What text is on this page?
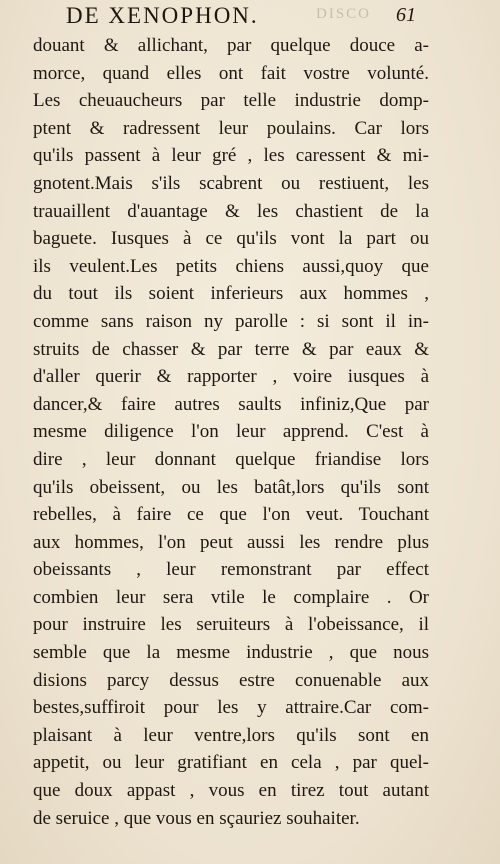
DE XENOPHON.	DISCO 61
douant & allichant, par quelque douce a-
morce, quand elles ont fait vostre volunté.
Les cheuaucheurs par telle industrie domp-
ptent & radressent leur poulains. Car lors
qu'ils passent à leur gré , les caressent & mi-
gnotent.Mais s'ils scabrent ou restiuent, les
trauaillent d'auantage & les chastient de la
baguete. Iusques à ce qu'ils vont la part ou
ils veulent.Les petits chiens aussi,quoy que
du tout ils soient inferieurs aux hommes ,
comme sans raison ny parolle : si sont il in-
struits de chasser & par terre & par eaux &
d'aller querir & rapporter , voire iusques à
dancer,& faire autres saults infiniz,Que par
mesme diligence l'on leur apprend. C'est à
dire , leur donnant quelque friandise lors
qu'ils obeissent, ou les batât,lors qu'ils sont
rebelles, à faire ce que l'on veut. Touchant
aux hommes, l'on peut aussi les rendre plus
obeissants , leur remonstrant par effect
combien leur sera vtile le complaire . Or
pour instruire les seruiteurs à l'obeissance, il
semble que la mesme industrie , que nous
disions parcy dessus estre conuenable aux
bestes,suffiroit pour les y attraire.Car com-
plaisant à leur ventre,lors qu'ils sont en
appetit, ou leur gratifiant en cela , par quel-
que doux appast , vous en tirez tout autant
de seruice , que vous en sçauriez souhaiter.
